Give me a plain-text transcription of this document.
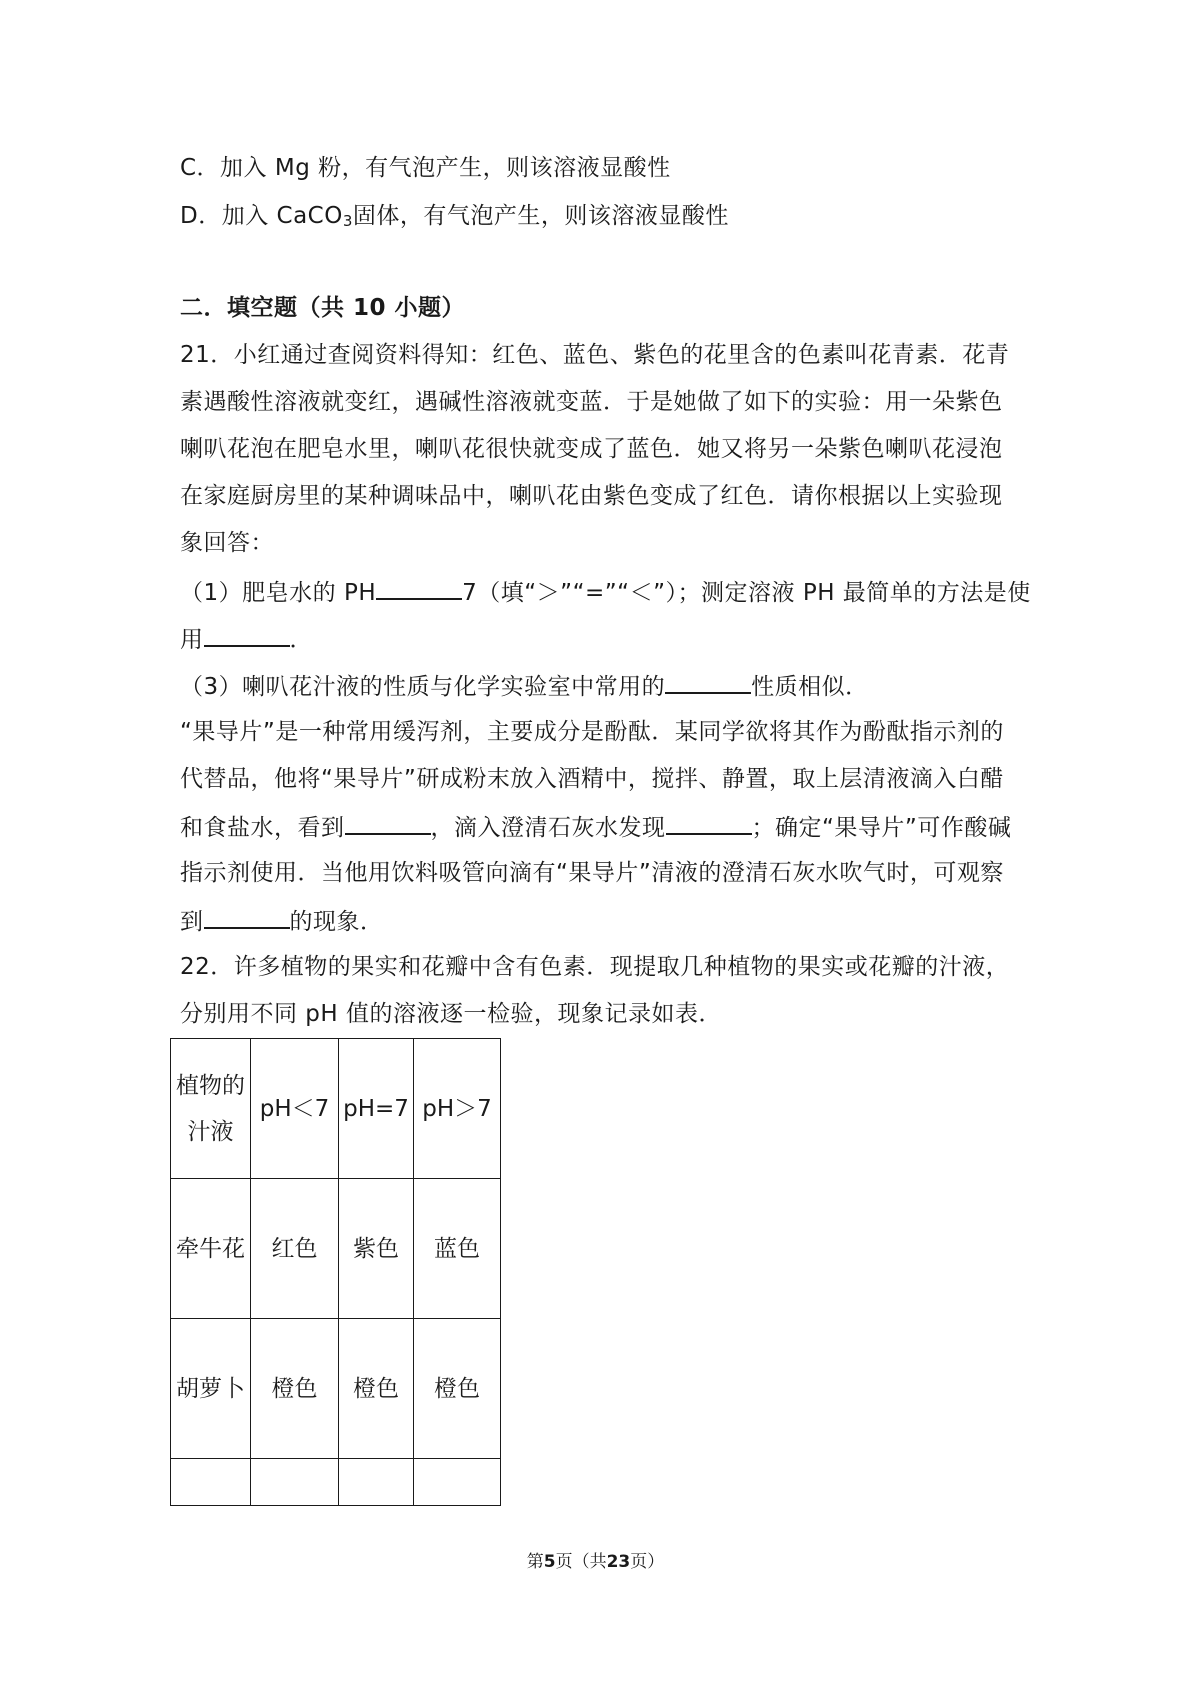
C．加入 Mg 粉，有气泡产生，则该溶液显酸性
D．加入 CaCO$_3$固体，有气泡产生，则该溶液显酸性
二．填空题（共 10 小题）
21．小红通过查阅资料得知：红色、蓝色、紫色的花里含的色素叫花青素．花青
素遇酸性溶液就变红，遇碱性溶液就变蓝．于是她做了如下的实验：用一朵紫色
喇叭花泡在肥皂水里，喇叭花很快就变成了蓝色．她又将另一朵紫色喇叭花浸泡
在家庭厨房里的某种调味品中，喇叭花由紫色变成了红色．请你根据以上实验现
象回答：
（1）肥皂水的 PH	7（填“＞”“=”“＜”）；测定溶液 PH 最简单的方法是使
用	．
（3）喇叭花汁液的性质与化学实验室中常用的	性质相似．
“果导片”是一种常用缓泻剂，主要成分是酚酞．某同学欲将其作为酚酞指示剂的
代替品，他将“果导片”研成粉末放入酒精中，搅拌、静置，取上层清液滴入白醋
和食盐水，看到	，滴入澄清石灰水发现	；确定“果导片”可作酸碱
指示剂使用．当他用饮料吸管向滴有“果导片”清液的澄清石灰水吹气时，可观察
到	的现象．
22．许多植物的果实和花瓣中含有色素．现提取几种植物的果实或花瓣的汁液，
分别用不同 pH 值的溶液逐一检验，现象记录如表．
植物的汁液	pH＜7	pH=7	pH＞7
牵牛花	红色	紫色	蓝色
胡萝卜	橙色	橙色	橙色

第5页（共23页）
